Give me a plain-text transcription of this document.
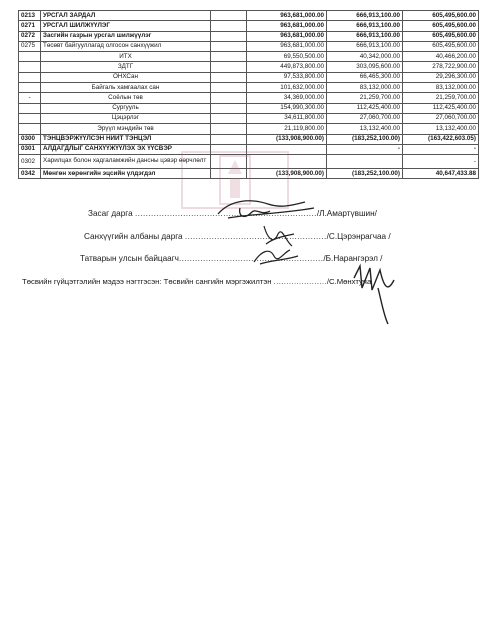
0213	УРСГАЛ ЗАРДАЛ		963,681,000.00	666,913,100.00	605,495,600.00
0271	УРСГАЛ ШИЛЖҮҮЛЭГ		963,681,000.00	666,913,100.00	605,495,600.00
0272	Засгийн газрын урсгал шилжүүлэг		963,681,000.00	666,913,100.00	605,495,600.00
0275	Төсөвт байгууллагад олгосон санхүүжил		963,681,000.00	666,913,100.00	605,495,600.00
	ИТХ		69,550,500.00	40,342,000.00	40,466,200.00
	ЗДТГ		449,873,800.00	303,095,600.00	278,722,900.00
	ОНХСан		97,533,800.00	66,465,300.00	29,296,300.00
	Байгаль хамгаалах сан		101,632,000.00	83,132,000.00	83,132,000.00
-	Соёлын төв		34,369,000.00	21,259,700.00	21,259,700.00
	Сургууль		154,990,300.00	112,425,400.00	112,425,400.00
	Цэцэрлэг		34,611,800.00	27,060,700.00	27,060,700.00
	Эрүүл мэндийн төв		21,119,800.00	13,132,400.00	13,132,400.00
0300	ТЭНЦВЭРЖҮҮЛСЭН НИЙТ ТЭНЦЭЛ		(133,908,900.00)	(183,252,100.00)	(163,422,603.05)
0301	АЛДАГДЛЫГ САНХҮҮЖҮҮЛЭХ ЭХ ҮҮСВЭР			-	-
0302	Харилцах болон хадгаламжийн дансны цэвэр өөрчлөлт				-
0342	Мөнгөн хөрөнгийн эцсийн үлдэгдэл		(133,908,900.00)	(183,252,100.00)	40,647,433.88
Засаг дарга ..................................................................../Л.Амартүвшин/
Санхүүгийн албаны дарга ...................................................../С.Цэрэнрагчаа /
Татварын улсын байцаагч....................................................../Б.Нарангэрэл /
Төсвийн гүйцэтгэлийн мэдээ нэгтгэсэн: Төсвийн сангийн мэргэжилтэн ...................../С.Мөнхтуяа
